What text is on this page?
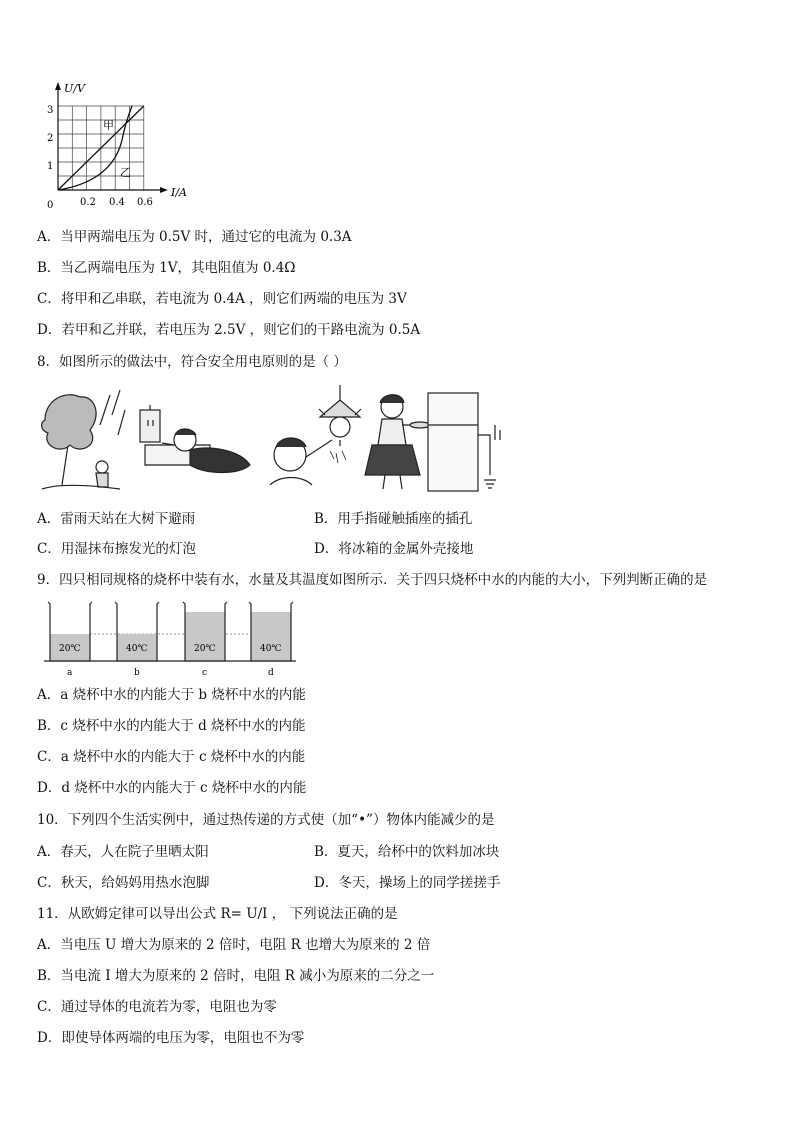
U/V
I/A
0
1
2
3
0.2 0.4 0.6
甲
乙
A．当甲两端电压为 0.5V 时，通过它的电流为 0.3A
B．当乙两端电压为 1V，其电阻值为 0.4Ω
C．将甲和乙串联，若电流为 0.4A ，则它们两端的电压为 3V
D．若甲和乙并联，若电压为 2.5V ，则它们的干路电流为 0.5A
8．如图所示的做法中，符合安全用电原则的是（ ）
A．雷雨天站在大树下避雨	B．用手指碰触插座的插孔
C．用湿抹布擦发光的灯泡	D．将冰箱的金属外壳接地
9．四只相同规格的烧杯中装有水，水量及其温度如图所示．关于四只烧杯中水的内能的大小，下列判断正确的是
20℃
a
40℃
b
20℃
c
40℃
d
A．a 烧杯中水的内能大于 b 烧杯中水的内能
B．c 烧杯中水的内能大于 d 烧杯中水的内能
C．a 烧杯中水的内能大于 c 烧杯中水的内能
D．d 烧杯中水的内能大于 c 烧杯中水的内能
10．下列四个生活实例中，通过热传递的方式使（加“•”）物体内能减少的是
A．春天，人在院子里晒太阳	B．夏天，给杯中的饮料加冰块
C．秋天，给妈妈用热水泡脚	D．冬天，操场上的同学搓搓手
11．从欧姆定律可以导出公式 R= U/I ， 下列说法正确的是
A．当电压 U 增大为原来的 2 倍时，电阻 R 也增大为原来的 2 倍
B．当电流 I 增大为原来的 2 倍时，电阻 R 减小为原来的二分之一
C．通过导体的电流若为零，电阻也为零
D．即使导体两端的电压为零，电阻也不为零
